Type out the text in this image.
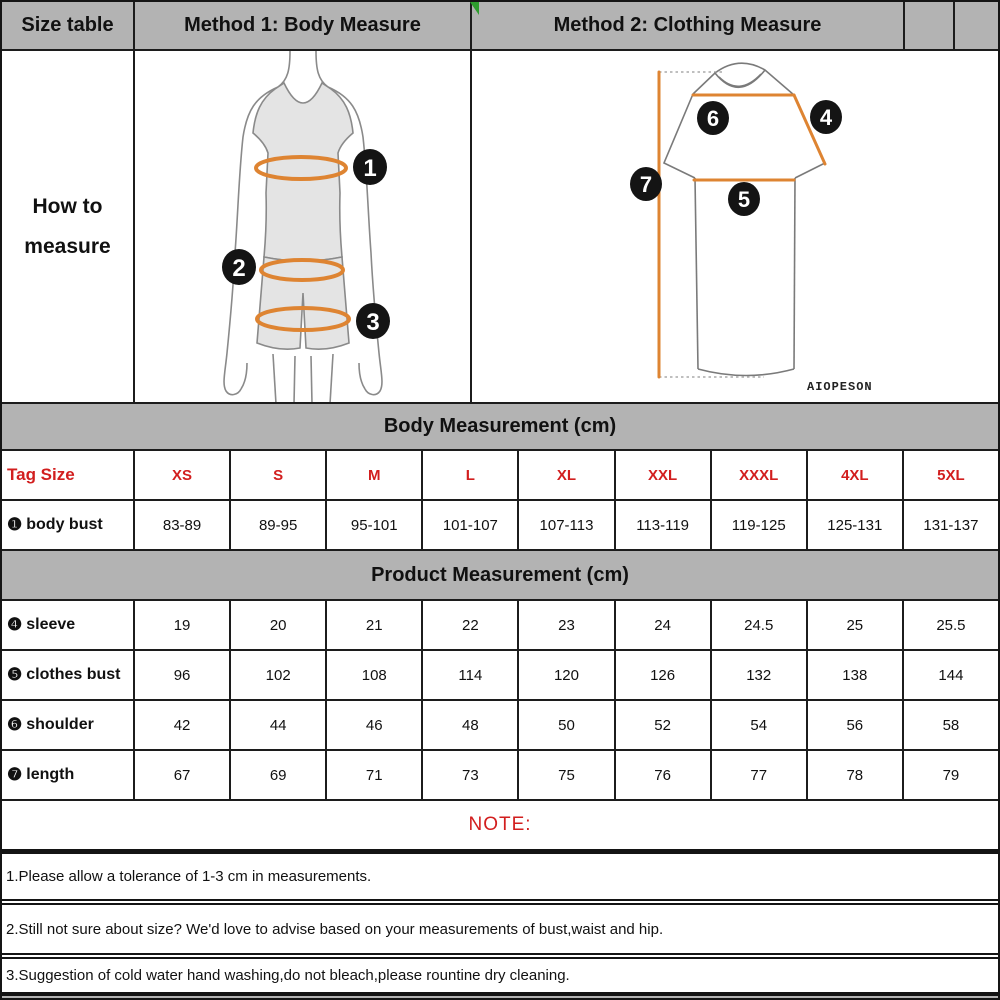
Size table	Method 1: Body Measure	Method 2: Clothing Measure
How to
measure
1
2
3
6	4
7
5
AIOPESON
Body Measurement (cm)
Tag Size	XS	S	M	L	XL	XXL	XXXL	4XL	5XL
❶ body bust	83-89	89-95	95-101	101-107	107-113	113-119	119-125	125-131	131-137
Product Measurement (cm)
❹ sleeve	19	20	21	22	23	24	24.5	25	25.5
❺ clothes bust	96	102	108	114	120	126	132	138	144
❻ shoulder	42	44	46	48	50	52	54	56	58
❼ length	67	69	71	73	75	76	77	78	79
NOTE:
1.Please allow a tolerance of 1-3 cm in measurements.
2.Still not sure about size? We'd love to advise based on your measurements of bust,waist and hip.
3.Suggestion of cold water hand washing,do not bleach,please rountine dry cleaning.
